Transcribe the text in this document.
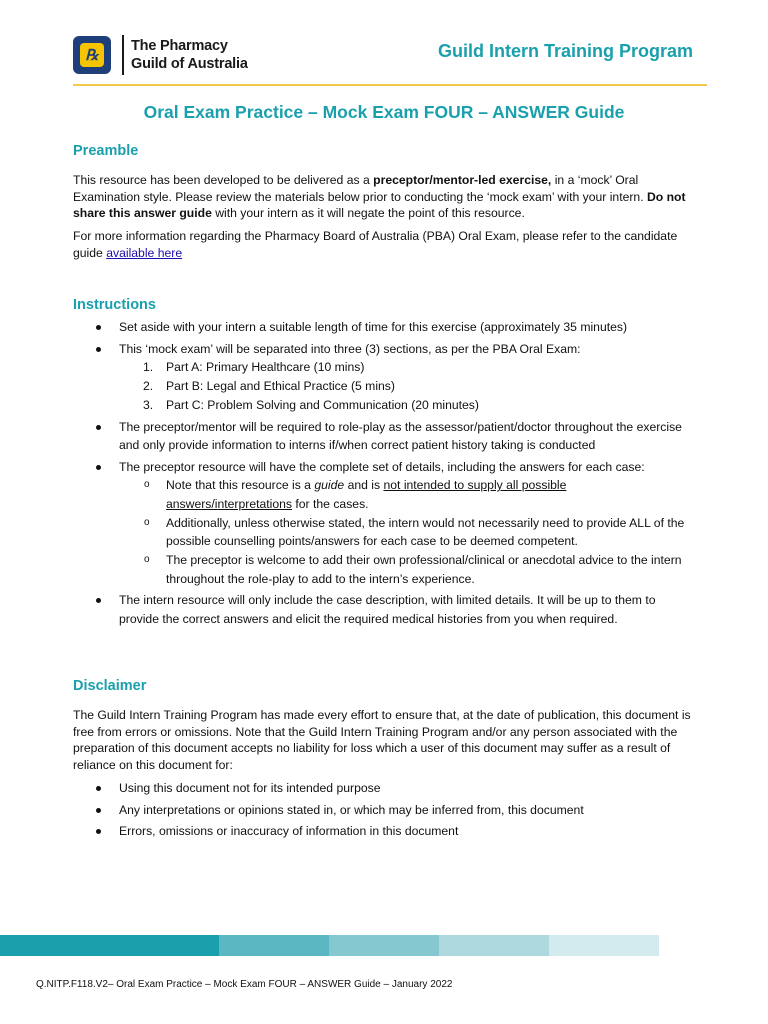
℞	The Pharmacy
Guild of Australia
Guild Intern Training Program
Oral Exam Practice – Mock Exam FOUR – ANSWER Guide
Preamble
This resource has been developed to be delivered as a preceptor/mentor-led exercise, in a ‘mock’ Oral Examination style. Please review the materials below prior to conducting the ‘mock exam’ with your intern. Do not share this answer guide with your intern as it will negate the point of this resource.
For more information regarding the Pharmacy Board of Australia (PBA) Oral Exam, please refer to the candidate guide available here
Instructions
Set aside with your intern a suitable length of time for this exercise (approximately 35 minutes)
This ‘mock exam’ will be separated into three (3) sections, as per the PBA Oral Exam:
1. Part A: Primary Healthcare (10 mins)
2. Part B: Legal and Ethical Practice (5 mins)
3. Part C: Problem Solving and Communication (20 minutes)
The preceptor/mentor will be required to role-play as the assessor/patient/doctor throughout the exercise and only provide information to interns if/when correct patient history taking is conducted
The preceptor resource will have the complete set of details, including the answers for each case:
o Note that this resource is a guide and is not intended to supply all possible answers/interpretations for the cases.
o Additionally, unless otherwise stated, the intern would not necessarily need to provide ALL of the possible counselling points/answers for each case to be deemed competent.
o The preceptor is welcome to add their own professional/clinical or anecdotal advice to the intern throughout the role-play to add to the intern’s experience.
The intern resource will only include the case description, with limited details. It will be up to them to provide the correct answers and elicit the required medical histories from you when required.
Disclaimer
The Guild Intern Training Program has made every effort to ensure that, at the date of publication, this document is free from errors or omissions. Note that the Guild Intern Training Program and/or any person associated with the preparation of this document accepts no liability for loss which a user of this document may suffer as a result of reliance on this document for:
Using this document not for its intended purpose
Any interpretations or opinions stated in, or which may be inferred from, this document
Errors, omissions or inaccuracy of information in this document
Q.NITP.F118.V2– Oral Exam Practice – Mock Exam FOUR – ANSWER Guide – January 2022
